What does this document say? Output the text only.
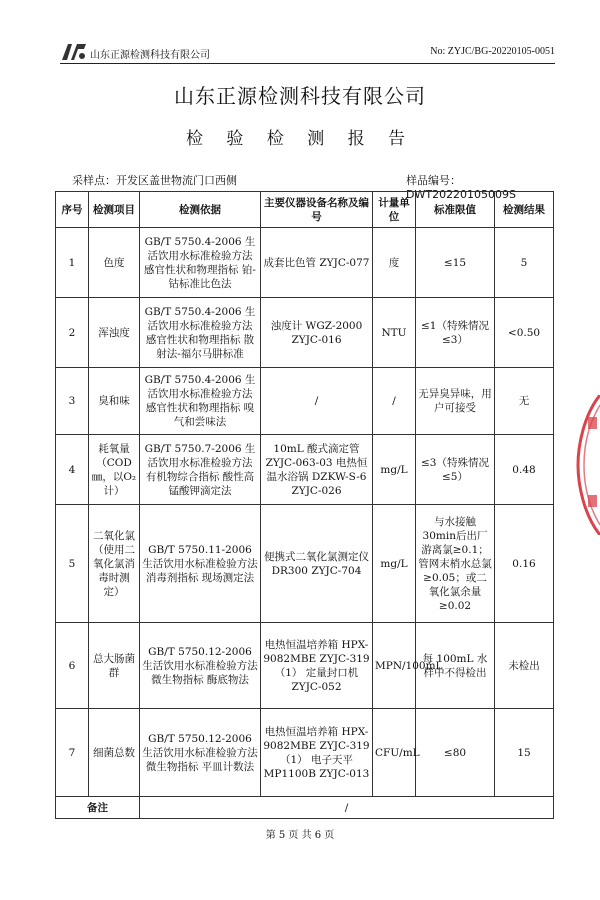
山东正源检测科技有限公司	No: ZYJC/BG-20220105-0051
山东正源检测科技有限公司
检 验 检 测 报 告
采样点：开发区盖世物流门口西侧	样品编号：DWT20220105009S
序号	检测项目	检测依据	主要仪器设备名称及编号	计量单位	标准限值	检测结果
1	色度	GB/T 5750.4-2006 生活饮用水标准检验方法 感官性状和物理指标 铂-钴标准比色法	成套比色管 ZYJC-077	度	≤15	5
2	浑浊度	GB/T 5750.4-2006 生活饮用水标准检验方法 感官性状和物理指标 散射法-福尔马肼标准	浊度计 WGZ-2000 ZYJC-016	NTU	≤1（特殊情况≤3）	<0.50
3	臭和味	GB/T 5750.4-2006 生活饮用水标准检验方法 感官性状和物理指标 嗅气和尝味法	/	/	无异臭异味，用户可接受	无
4	耗氧量（COD㎜，以O₂计）	GB/T 5750.7-2006 生活饮用水标准检验方法 有机物综合指标 酸性高锰酸钾滴定法	10mL 酸式滴定管 ZYJC-063-03 电热恒温水浴锅 DZKW-S-6 ZYJC-026	mg/L	≤3（特殊情况≤5）	0.48
5	二氧化氯（使用二氧化氯消毒时测定）	GB/T 5750.11-2006 生活饮用水标准检验方法 消毒剂指标 现场测定法	便携式二氧化氯测定仪 DR300 ZYJC-704	mg/L	与水接触30min后出厂游离氯≥0.1；管网末梢水总氯≥0.05；或二氧化氯余量≥0.02	0.16
6	总大肠菌群	GB/T 5750.12-2006 生活饮用水标准检验方法 微生物指标 酶底物法	电热恒温培养箱 HPX-9082MBE ZYJC-319（1） 定量封口机 ZYJC-052	MPN/100mL	每 100mL 水样中不得检出	未检出
7	细菌总数	GB/T 5750.12-2006 生活饮用水标准检验方法 微生物指标 平皿计数法	电热恒温培养箱 HPX-9082MBE ZYJC-319（1） 电子天平 MP1100B ZYJC-013	CFU/mL	≤80	15
备注		/				
第 5 页 共 6 页
